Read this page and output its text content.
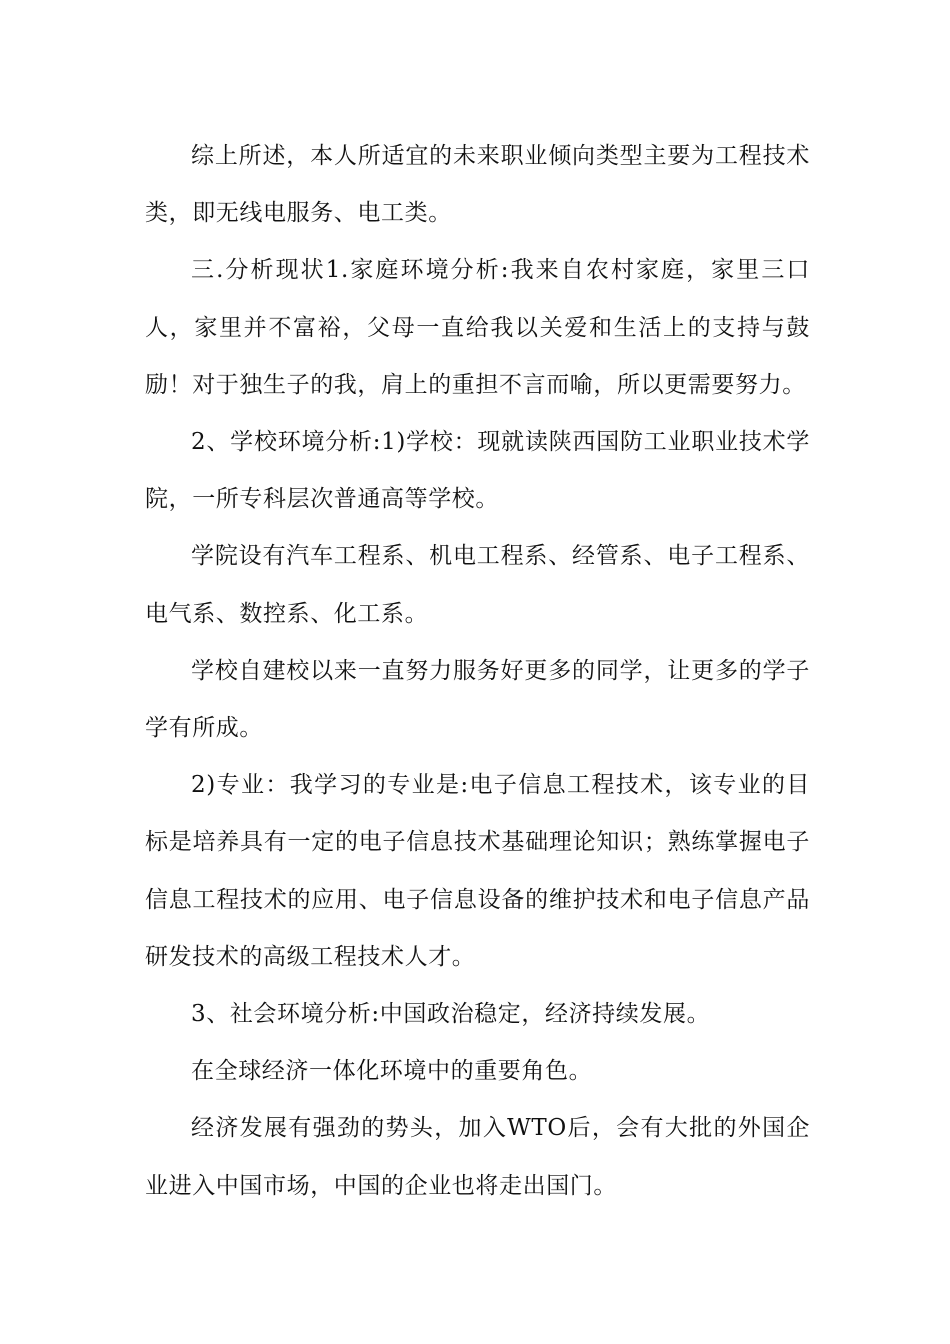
综上所述，本人所适宜的未来职业倾向类型主要为工程技术类，即无线电服务、电工类。

三.分析现状1.家庭环境分析:我来自农村家庭，家里三口人，家里并不富裕，父母一直给我以关爱和生活上的支持与鼓励！对于独生子的我，肩上的重担不言而喻，所以更需要努力。

2、学校环境分析:1)学校：现就读陕西国防工业职业技术学院，一所专科层次普通高等学校。

学院设有汽车工程系、机电工程系、经管系、电子工程系、电气系、数控系、化工系。

学校自建校以来一直努力服务好更多的同学，让更多的学子学有所成。

2)专业：我学习的专业是:电子信息工程技术，该专业的目标是培养具有一定的电子信息技术基础理论知识；熟练掌握电子信息工程技术的应用、电子信息设备的维护技术和电子信息产品研发技术的高级工程技术人才。

3、社会环境分析:中国政治稳定，经济持续发展。

在全球经济一体化环境中的重要角色。

经济发展有强劲的势头，加入WTO后，会有大批的外国企业进入中国市场，中国的企业也将走出国门。
